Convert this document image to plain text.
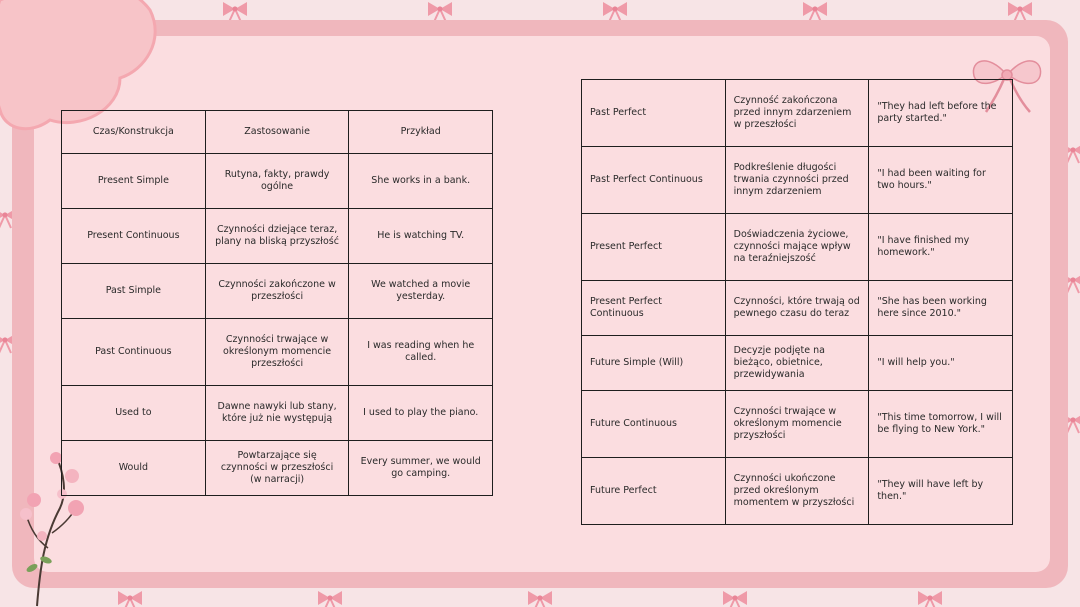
Czas/Konstrukcja	Zastosowanie	Przykład
Present Simple	Rutyna, fakty, prawdy ogólne	She works in a bank.
Present Continuous	Czynności dziejące teraz, plany na bliską przyszłość	He is watching TV.
Past Simple	Czynności zakończone w przeszłości	We watched a movie yesterday.
Past Continuous	Czynności trwające w określonym momencie przeszłości	I was reading when he called.
Used to	Dawne nawyki lub stany, które już nie występują	I used to play the piano.
Would	Powtarzające się czynności w przeszłości (w narracji)	Every summer, we would go camping.
Past Perfect	Czynność zakończona przed innym zdarzeniem w przeszłości	"They had left before the party started."
Past Perfect Continuous	Podkreślenie długości trwania czynności przed innym zdarzeniem	"I had been waiting for two hours."
Present Perfect	Doświadczenia życiowe, czynności mające wpływ na teraźniejszość	"I have finished my homework."
Present Perfect Continuous	Czynności, które trwają od pewnego czasu do teraz	"She has been working here since 2010."
Future Simple (Will)	Decyzje podjęte na bieżąco, obietnice, przewidywania	"I will help you."
Future Continuous	Czynności trwające w określonym momencie przyszłości	"This time tomorrow, I will be flying to New York."
Future Perfect	Czynności ukończone przed określonym momentem w przyszłości	"They will have left by then."
